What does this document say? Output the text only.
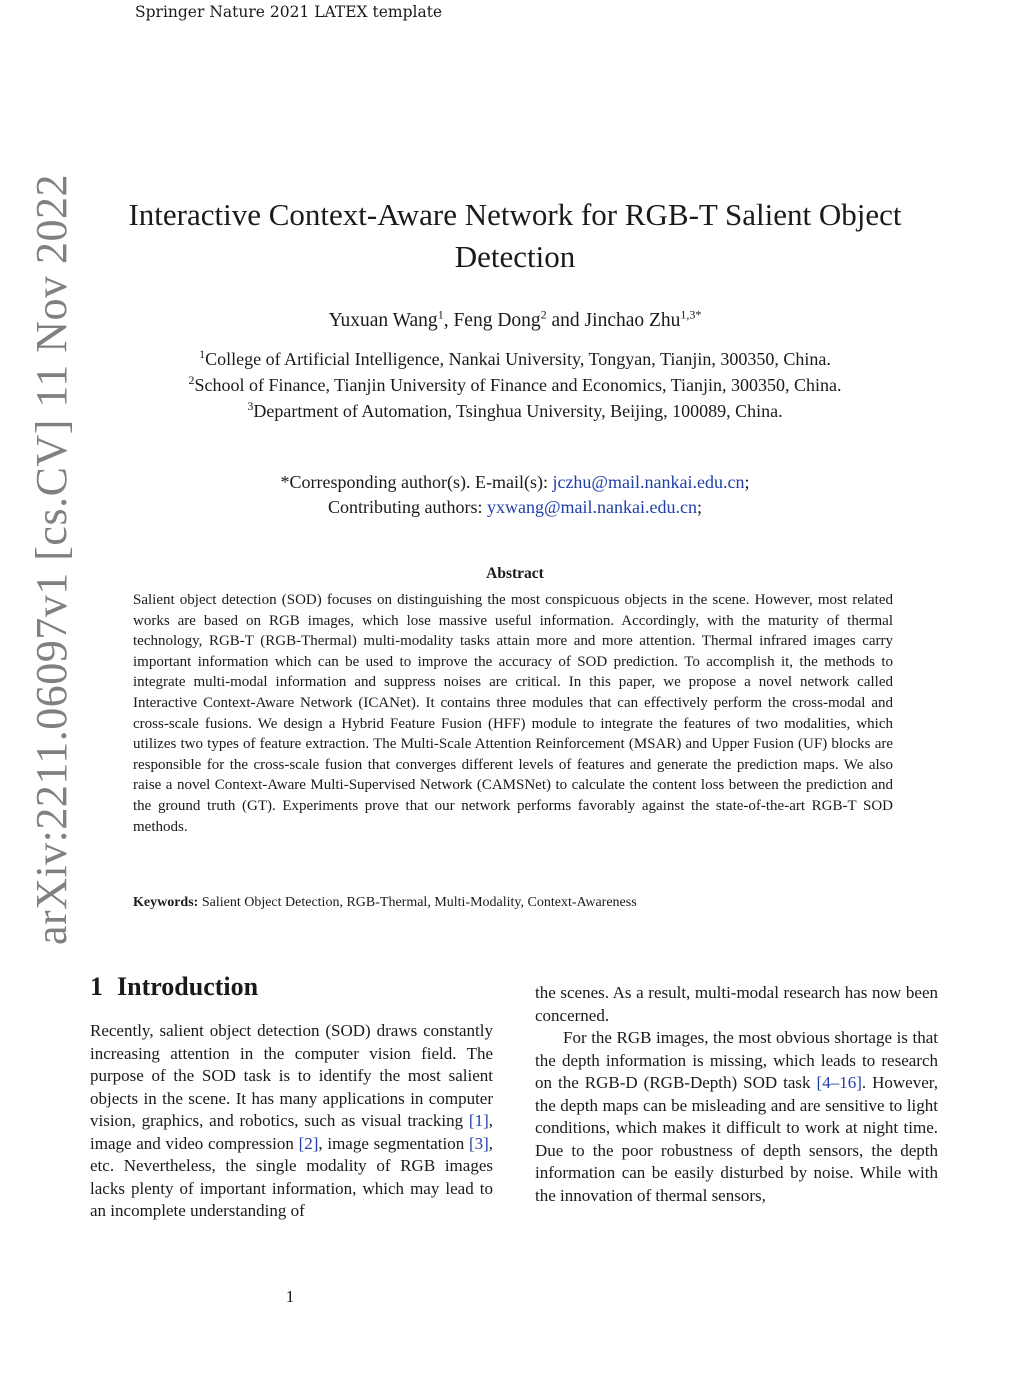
Springer Nature 2021 LATEX template
arXiv:2211.06097v1 [cs.CV] 11 Nov 2022	Interactive Context-Aware Network for RGB-T Salient Object Detection
Yuxuan Wang$^1$, Feng Dong$^2$ and Jinchao Zhu$^{1,3*}$
$^1$College of Artificial Intelligence, Nankai University, Tongyan, Tianjin, 300350, China.
$^2$School of Finance, Tianjin University of Finance and Economics, Tianjin, 300350, China.
$^3$Department of Automation, Tsinghua University, Beijing, 100089, China.
*Corresponding author(s). E-mail(s): jczhu@mail.nankai.edu.cn;
Contributing authors: yxwang@mail.nankai.edu.cn;
Abstract
Salient object detection (SOD) focuses on distinguishing the most conspicuous objects in the scene. However, most related works are based on RGB images, which lose massive useful information. Accordingly, with the maturity of thermal technology, RGB-T (RGB-Thermal) multi-modality tasks attain more and more attention. Thermal infrared images carry important information which can be used to improve the accuracy of SOD prediction. To accomplish it, the methods to integrate multi-modal information and suppress noises are critical. In this paper, we propose a novel network called Interactive Context-Aware Network (ICANet). It contains three modules that can effectively perform the cross-modal and cross-scale fusions. We design a Hybrid Feature Fusion (HFF) module to integrate the features of two modalities, which utilizes two types of feature extraction. The Multi-Scale Attention Reinforcement (MSAR) and Upper Fusion (UF) blocks are responsible for the cross-scale fusion that converges different levels of features and generate the prediction maps. We also raise a novel Context-Aware Multi-Supervised Network (CAMSNet) to calculate the content loss between the prediction and the ground truth (GT). Experiments prove that our network performs favorably against the state-of-the-art RGB-T SOD methods.
Keywords: Salient Object Detection, RGB-Thermal, Multi-Modality, Context-Awareness
1 Introduction

Recently, salient object detection (SOD) draws constantly increasing attention in the computer vision field. The purpose of the SOD task is to identify the most salient objects in the scene. It has many applications in computer vision, graphics, and robotics, such as visual tracking [1], image and video compression [2], image segmentation [3], etc. Nevertheless, the single modality of RGB images lacks plenty of important information, which may lead to an incomplete understanding of

the scenes. As a result, multi-modal research has now been concerned.

For the RGB images, the most obvious shortage is that the depth information is missing, which leads to research on the RGB-D (RGB-Depth) SOD task [4–16]. However, the depth maps can be misleading and are sensitive to light conditions, which makes it difficult to work at night time. Due to the poor robustness of depth sensors, the depth information can be easily disturbed by noise. While with the innovation of thermal sensors,

1
